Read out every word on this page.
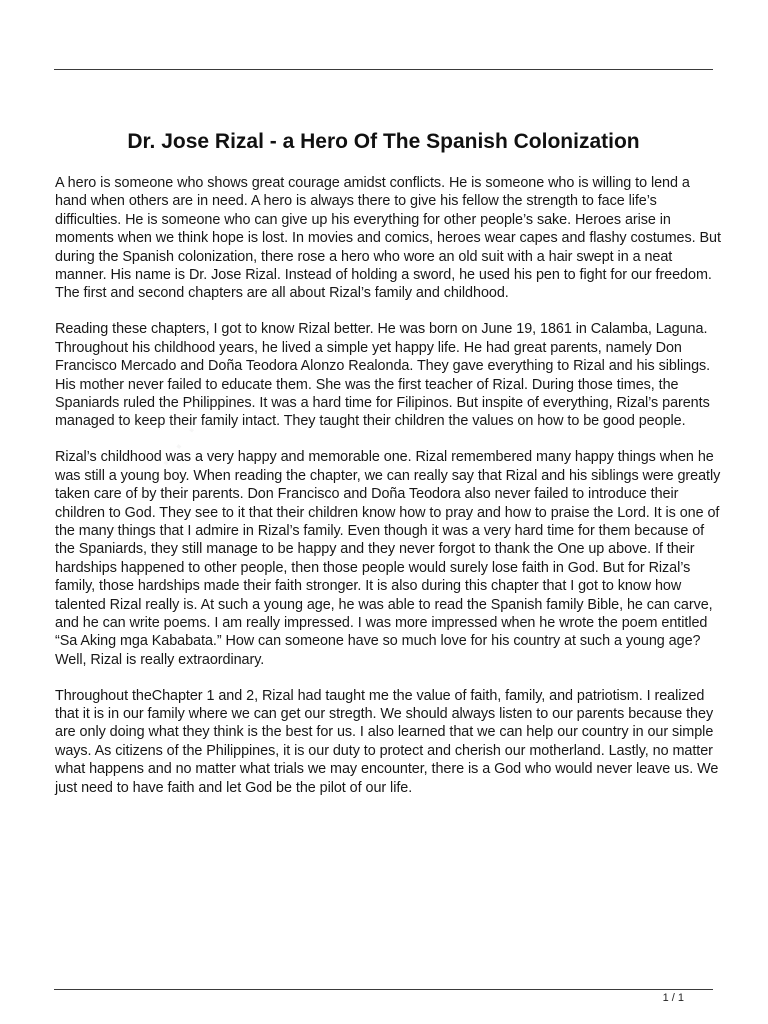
· · · · · · ·
Dr. Jose Rizal - a Hero Of The Spanish Colonization

A hero is someone who shows great courage amidst conflicts. He is someone who is willing to lend a hand when others are in need. A hero is always there to give his fellow the strength to face life’s difficulties. He is someone who can give up his everything for other people’s sake. Heroes arise in moments when we think hope is lost. In movies and comics, heroes wear capes and flashy costumes. But during the Spanish colonization, there rose a hero who wore an old suit with a hair swept in a neat manner. His name is Dr. Jose Rizal. Instead of holding a sword, he used his pen to fight for our freedom. The first and second chapters are all about Rizal’s family and childhood.

Reading these chapters, I got to know Rizal better. He was born on June 19, 1861 in Calamba, Laguna. Throughout his childhood years, he lived a simple yet happy life. He had great parents, namely Don Francisco Mercado and Doña Teodora Alonzo Realonda. They gave everything to Rizal and his siblings. His mother never failed to educate them. She was the first teacher of Rizal. During those times, the Spaniards ruled the Philippines. It was a hard time for Filipinos. But inspite of everything, Rizal’s parents managed to keep their family intact. They taught their children the values on how to be good people.

Rizal’s childhood was a very happy and memorable one. Rizal remembered many happy things when he was still a young boy. When reading the chapter, we can really say that Rizal and his siblings were greatly taken care of by their parents. Don Francisco and Doña Teodora also never failed to introduce their children to God. They see to it that their children know how to pray and how to praise the Lord. It is one of the many things that I admire in Rizal’s family. Even though it was a very hard time for them because of the Spaniards, they still manage to be happy and they never forgot to thank the One up above. If their hardships happened to other people, then those people would surely lose faith in God. But for Rizal’s family, those hardships made their faith stronger. It is also during this chapter that I got to know how talented Rizal really is. At such a young age, he was able to read the Spanish family Bible, he can carve, and he can write poems. I am really impressed. I was more impressed when he wrote the poem entitled “Sa Aking mga Kababata.” How can someone have so much love for his country at such a young age? Well, Rizal is really extraordinary.

Throughout theChapter 1 and 2, Rizal had taught me the value of faith, family, and patriotism. I realized that it is in our family where we can get our stregth. We should always listen to our parents because they are only doing what they think is the best for us. I also learned that we can help our country in our simple ways. As citizens of the Philippines, it is our duty to protect and cherish our motherland. Lastly, no matter what happens and no matter what trials we may encounter, there is a God who would never leave us. We just need to have faith and let God be the pilot of our life.

1 / 1
